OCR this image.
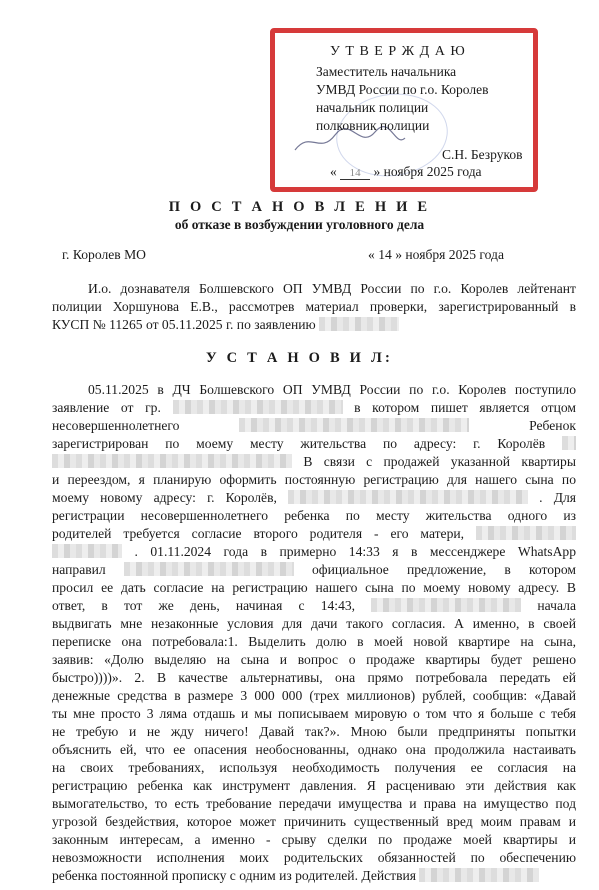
У Т В Е Р Ж Д А Ю
Заместитель начальника
УМВД России по г.о. Королев
начальник полиции
полковник полиции
С.Н. Безруков
« 14 » ноября 2025 года
П О С Т А Н О В Л Е Н И Е
об отказе в возбуждении уголовного дела
г. Королев МО	« 14 » ноября 2025 года
И.о. дознавателя Болшевского ОП УМВД России по г.о. Королев лейтенант
полиции Хоршунова Е.В., рассмотрев материал проверки, зарегистрированный в
КУСП № 11265 от 05.11.2025 г. по заявлению
У С Т А Н О В И Л:
05.11.2025 в ДЧ Болшевского ОП УМВД России по г.о. Королев поступило
заявление от гр.	в котором пишет является отцом
несовершеннолетнего	Ребенок
зарегистрирован по моему месту жительства по адресу: г. Королёв
В связи с продажей указанной квартиры
и переездом, я планирую оформить постоянную регистрацию для нашего сына по
моему новому адресу: г. Королёв,	. Для
регистрации несовершеннолетнего ребенка по месту жительства одного из
родителей требуется согласие второго родителя - его матери,
. 01.11.2024 года в примерно 14:33 я в мессенджере WhatsApp
направил	официальное предложение, в котором
просил ее дать согласие на регистрацию нашего сына по моему новому адресу. В
ответ, в тот же день, начиная с 14:43,	начала
выдвигать мне незаконные условия для дачи такого согласия. А именно, в своей
переписке она потребовала:1. Выделить долю в моей новой квартире на сына,
заявив: «Долю выделяю на сына и вопрос о продаже квартиры будет решено
быстро))))». 2. В качестве альтернативы, она прямо потребовала передать ей
денежные средства в размере 3 000 000 (трех миллионов) рублей, сообщив: «Давай
ты мне просто 3 ляма отдашь и мы пописываем мировую о том что я больше с тебя
не требую и не жду ничего! Давай так?». Мною были предприняты попытки
объяснить ей, что ее опасения необоснованны, однако она продолжила настаивать
на своих требованиях, используя необходимость получения ее согласия на
регистрацию ребенка как инструмент давления. Я расцениваю эти действия как
вымогательство, то есть требование передачи имущества и права на имущество под
угрозой бездействия, которое может причинить существенный вред моим правам и
законным интересам, а именно - срыву сделки по продаже моей квартиры и
невозможности исполнения моих родительских обязанностей по обеспечению
ребенка постоянной прописку с одним из родителей. Действия
